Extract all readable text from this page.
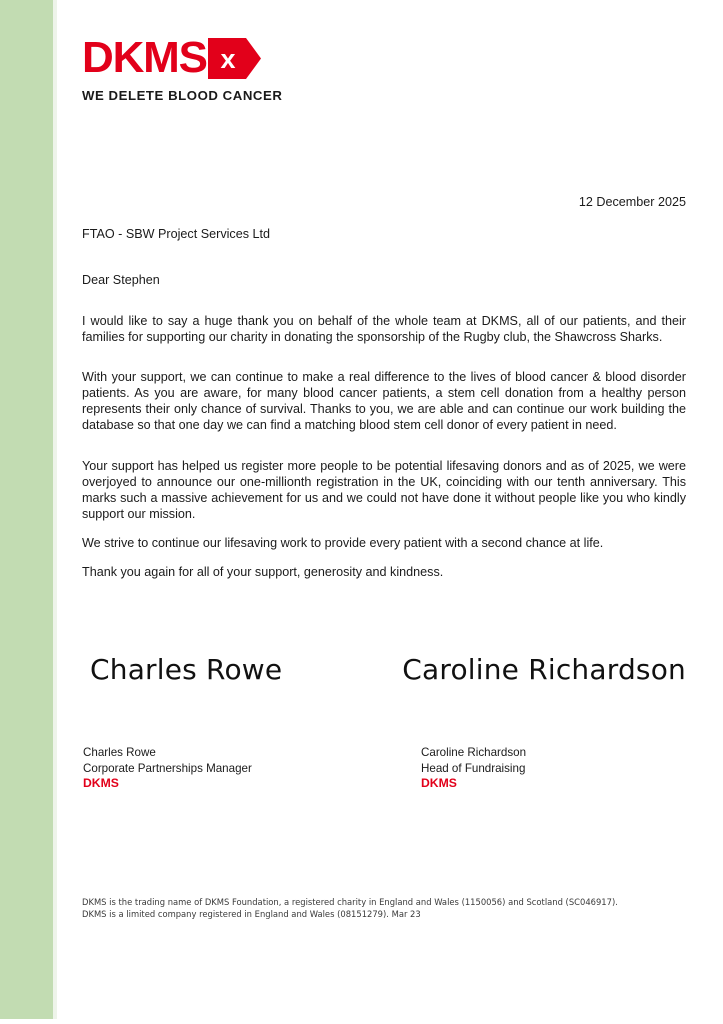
DKMS x
WE DELETE BLOOD CANCER
12 December 2025
FTAO - SBW Project Services Ltd
Dear Stephen

I would like to say a huge thank you on behalf of the whole team at DKMS, all of our patients, and their families for supporting our charity in donating the sponsorship of the Rugby club, the Shawcross Sharks.

With your support, we can continue to make a real difference to the lives of blood cancer & blood disorder patients. As you are aware, for many blood cancer patients, a stem cell donation from a healthy person represents their only chance of survival. Thanks to you, we are able and can continue our work building the database so that one day we can find a matching blood stem cell donor of every patient in need.

Your support has helped us register more people to be potential lifesaving donors and as of 2025, we were overjoyed to announce our one-millionth registration in the UK, coinciding with our tenth anniversary. This marks such a massive achievement for us and we could not have done it without people like you who kindly support our mission.

We strive to continue our lifesaving work to provide every patient with a second chance at life.

Thank you again for all of your support, generosity and kindness.

Caroline Richardson
Charles Rowe
Charles Rowe
Corporate Partnerships Manager
DKMS
Caroline Richardson
Head of Fundraising
DKMS
DKMS is the trading name of DKMS Foundation, a registered charity in England and Wales (1150056) and Scotland (SC046917).
DKMS is a limited company registered in England and Wales (08151279). Mar 23
